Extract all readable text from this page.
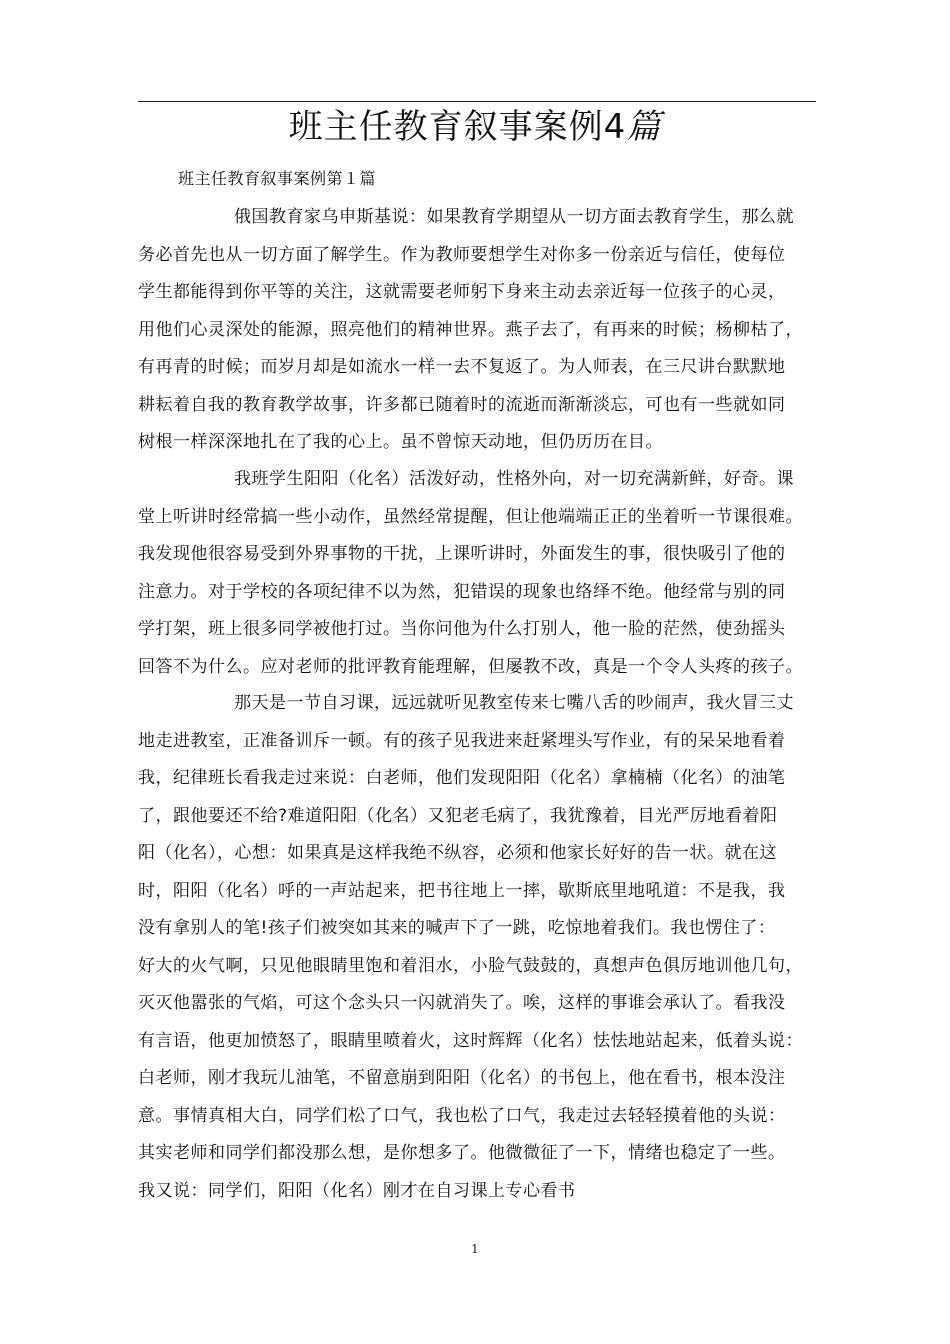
班主任教育叙事案例4篇
班主任教育叙事案例第１篇
俄国教育家乌申斯基说：如果教育学期望从一切方面去教育学生，那么就
务必首先也从一切方面了解学生。作为教师要想学生对你多一份亲近与信任，使每位
学生都能得到你平等的关注，这就需要老师躬下身来主动去亲近每一位孩子的心灵，
用他们心灵深处的能源，照亮他们的精神世界。燕子去了，有再来的时候；杨柳枯了，
有再青的时候；而岁月却是如流水一样一去不复返了。为人师表，在三尺讲台默默地
耕耘着自我的教育教学故事，许多都已随着时的流逝而渐渐淡忘，可也有一些就如同
树根一样深深地扎在了我的心上。虽不曾惊天动地，但仍历历在目。
我班学生阳阳（化名）活泼好动，性格外向，对一切充满新鲜，好奇。课
堂上听讲时经常搞一些小动作，虽然经常提醒，但让他端端正正的坐着听一节课很难。
我发现他很容易受到外界事物的干扰，上课听讲时，外面发生的事，很快吸引了他的
注意力。对于学校的各项纪律不以为然，犯错误的现象也络绎不绝。他经常与别的同
学打架，班上很多同学被他打过。当你问他为什么打别人，他一脸的茫然，使劲摇头
回答不为什么。应对老师的批评教育能理解，但屡教不改，真是一个令人头疼的孩子。
那天是一节自习课，远远就听见教室传来七嘴八舌的吵闹声，我火冒三丈
地走进教室，正准备训斥一顿。有的孩子见我进来赶紧埋头写作业，有的呆呆地看着
我，纪律班长看我走过来说：白老师，他们发现阳阳（化名）拿楠楠（化名）的油笔
了，跟他要还不给?难道阳阳（化名）又犯老毛病了，我犹豫着，目光严厉地看着阳
阳（化名），心想：如果真是这样我绝不纵容，必须和他家长好好的告一状。就在这
时，阳阳（化名）呼的一声站起来，把书往地上一摔，歇斯底里地吼道：不是我，我
没有拿别人的笔!孩子们被突如其来的喊声下了一跳，吃惊地着我们。我也愣住了：
好大的火气啊，只见他眼睛里饱和着泪水，小脸气鼓鼓的，真想声色俱厉地训他几句，
灭灭他嚣张的气焰，可这个念头只一闪就消失了。唉，这样的事谁会承认了。看我没
有言语，他更加愤怒了，眼睛里喷着火，这时辉辉（化名）怯怯地站起来，低着头说：
白老师，刚才我玩儿油笔，不留意崩到阳阳（化名）的书包上，他在看书，根本没注
意。事情真相大白，同学们松了口气，我也松了口气，我走过去轻轻摸着他的头说：
其实老师和同学们都没那么想，是你想多了。他微微征了一下，情绪也稳定了一些。
我又说：同学们，阳阳（化名）刚才在自习课上专心看书
1
